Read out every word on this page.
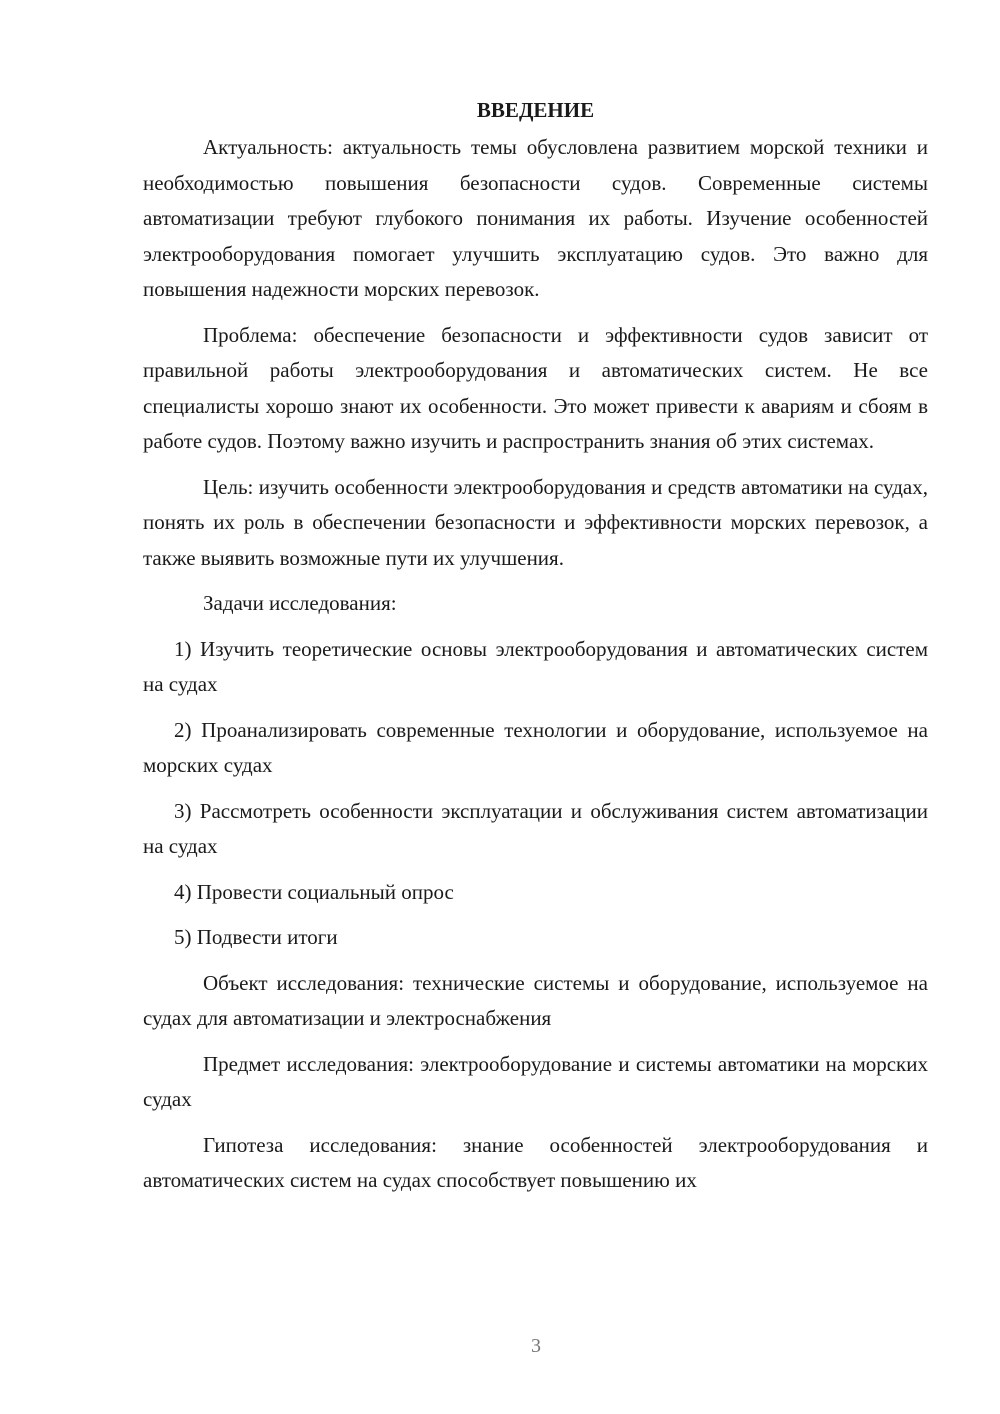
ВВЕДЕНИЕ

Актуальность: актуальность темы обусловлена развитием морской техники и необходимостью повышения безопасности судов. Современные системы автоматизации требуют глубокого понимания их работы. Изучение особенностей электрооборудования помогает улучшить эксплуатацию судов. Это важно для повышения надежности морских перевозок.

Проблема: обеспечение безопасности и эффективности судов зависит от правильной работы электрооборудования и автоматических систем. Не все специалисты хорошо знают их особенности. Это может привести к авариям и сбоям в работе судов. Поэтому важно изучить и распространить знания об этих системах.

Цель: изучить особенности электрооборудования и средств автоматики на судах, понять их роль в обеспечении безопасности и эффективности морских перевозок, а также выявить возможные пути их улучшения.

Задачи исследования:

1) Изучить теоретические основы электрооборудования и автоматических систем на судах

2) Проанализировать современные технологии и оборудование, используемое на морских судах

3) Рассмотреть особенности эксплуатации и обслуживания систем автоматизации на судах

4) Провести социальный опрос

5) Подвести итоги

Объект исследования: технические системы и оборудование, используемое на судах для автоматизации и электроснабжения

Предмет исследования: электрооборудование и системы автоматики на морских судах

Гипотеза исследования: знание особенностей электрооборудования и автоматических систем на судах способствует повышению их

3
